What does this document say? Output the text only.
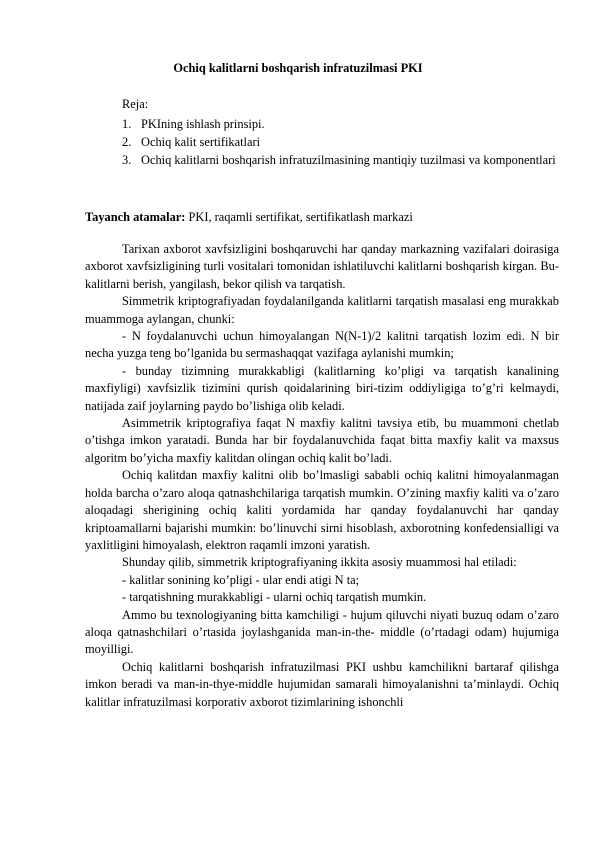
Ochiq kalitlarni boshqarish infratuzilmasi PKI
Reja:
1. PKIning ishlash prinsipi.
2. Ochiq kalit sertifikatlari
3. Ochiq kalitlarni boshqarish infratuzilmasining mantiqiy tuzilmasi va komponentlari
Tayanch atamalar: PKI, raqamli sertifikat, sertifikatlash markazi

Tarixan axborot xavfsizligini boshqaruvchi har qanday markazning vazifalari doirasiga axborot xavfsizligining turli vositalari tomonidan ishlatiluvchi kalitlarni boshqarish kirgan. Bu-kalitlarni berish, yangilash, bekor qilish va tarqatish.

Simmetrik kriptografiyadan foydalanilganda kalitlarni tarqatish masalasi eng murakkab muammoga aylangan, chunki:

- N foydalanuvchi uchun himoyalangan N(N-1)/2 kalitni tarqatish lozim edi. N bir necha yuzga teng bo’lganida bu sermashaqqat vazifaga aylanishi mumkin;

- bunday tizimning murakkabligi (kalitlarning ko’pligi va tarqatish kanalining maxfiyligi) xavfsizlik tizimini qurish qoidalarining biri-tizim oddiyligiga to’g’ri kelmaydi, natijada zaif joylarning paydo bo’lishiga olib keladi.

Asimmetrik kriptografiya faqat N maxfiy kalitni tavsiya etib, bu muammoni chetlab o’tishga imkon yaratadi. Bunda har bir foydalanuvchida faqat bitta maxfiy kalit va maxsus algoritm bo’yicha maxfiy kalitdan olingan ochiq kalit bo’ladi.

Ochiq kalitdan maxfiy kalitni olib bo’lmasligi sababli ochiq kalitni himoyalanmagan holda barcha o’zaro aloqa qatnashchilariga tarqatish mumkin. O’zining maxfiy kaliti va o’zaro aloqadagi sherigining ochiq kaliti yordamida har qanday foydalanuvchi har qanday kriptoamallarni bajarishi mumkin: bo’linuvchi sirni hisoblash, axborotning konfedensialligi va yaxlitligini himoyalash, elektron raqamli imzoni yaratish.

Shunday qilib, simmetrik kriptografiyaning ikkita asosiy muammosi hal etiladi:

- kalitlar sonining ko’pligi - ular endi atigi N ta;

- tarqatishning murakkabligi - ularni ochiq tarqatish mumkin.

Ammo bu texnologiyaning bitta kamchiligi - hujum qiluvchi niyati buzuq odam o’zaro aloqa qatnashchilari o’rtasida joylashganida man-in-the- middle (o’rtadagi odam) hujumiga moyilligi.

Ochiq kalitlarni boshqarish infratuzilmasi PKI ushbu kamchilikni bartaraf qilishga imkon beradi va man-in-thye-middle hujumidan samarali himoyalanishni ta’minlaydi. Ochiq kalitlar infratuzilmasi korporativ axborot tizimlarining ishonchli
